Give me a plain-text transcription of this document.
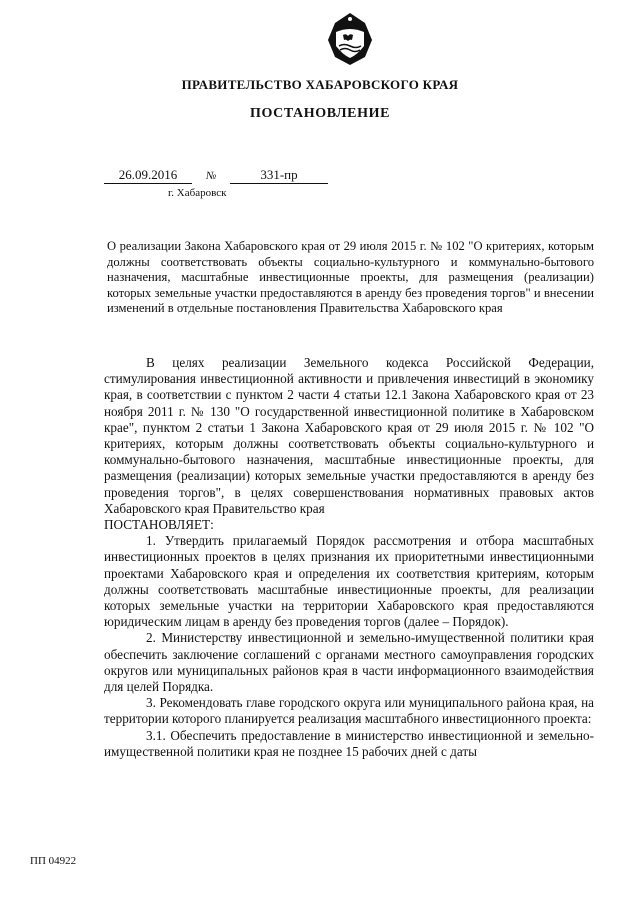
ПРАВИТЕЛЬСТВО ХАБАРОВСКОГО КРАЯ
ПОСТАНОВЛЕНИЕ
26.09.2016	№	331-пр
г. Хабаровск
О реализации Закона Хабаровского края от 29 июля 2015 г. № 102 "О критериях, которым должны соответствовать объекты социально-культурного и коммунально-бытового назначения, масштабные инвестиционные проекты, для размещения (реализации) которых земельные участки предоставляются в аренду без проведения торгов" и внесении изменений в отдельные постановления Правительства Хабаровского края

В целях реализации Земельного кодекса Российской Федерации, стимулирования инвестиционной активности и привлечения инвестиций в экономику края, в соответствии с пунктом 2 части 4 статьи 12.1 Закона Хабаровского края от 23 ноября 2011 г. № 130 "О государственной инвестиционной политике в Хабаровском крае", пунктом 2 статьи 1 Закона Хабаровского края от 29 июля 2015 г. № 102 "О критериях, которым должны соответствовать объекты социально-культурного и коммунально-бытового назначения, масштабные инвестиционные проекты, для размещения (реализации) которых земельные участки предоставляются в аренду без проведения торгов", в целях совершенствования нормативных правовых актов Хабаровского края Правительство края

ПОСТАНОВЛЯЕТ:

1. Утвердить прилагаемый Порядок рассмотрения и отбора масштабных инвестиционных проектов в целях признания их приоритетными инвестиционными проектами Хабаровского края и определения их соответствия критериям, которым должны соответствовать масштабные инвестиционные проекты, для реализации которых земельные участки на территории Хабаровского края предоставляются юридическим лицам в аренду без проведения торгов (далее – Порядок).

2. Министерству инвестиционной и земельно-имущественной политики края обеспечить заключение соглашений с органами местного самоуправления городских округов или муниципальных районов края в части информационного взаимодействия для целей Порядка.

3. Рекомендовать главе городского округа или муниципального района края, на территории которого планируется реализация масштабного инвестиционного проекта:

3.1. Обеспечить предоставление в министерство инвестиционной и земельно-имущественной политики края не позднее 15 рабочих дней с даты

ПП 04922
